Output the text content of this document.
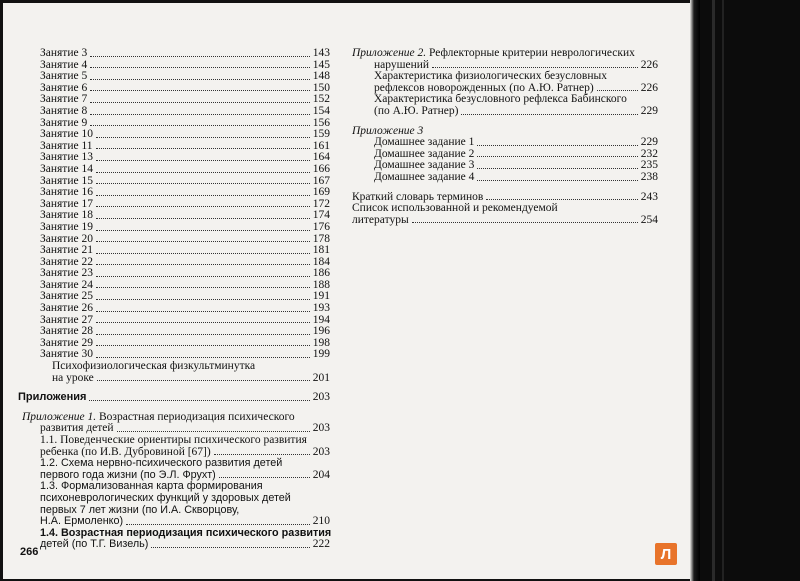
Занятие 3	143
Занятие 4	145
Занятие 5	148
Занятие 6	150
Занятие 7	152
Занятие 8	154
Занятие 9	156
Занятие 10	159
Занятие 11	161
Занятие 13	164
Занятие 14	166
Занятие 15	167
Занятие 16	169
Занятие 17	172
Занятие 18	174
Занятие 19	176
Занятие 20	178
Занятие 21	181
Занятие 22	184
Занятие 23	186
Занятие 24	188
Занятие 25	191
Занятие 26	193
Занятие 27	194
Занятие 28	196
Занятие 29	198
Занятие 30	199
Психофизиологическая физкультминутка
на уроке	201
Приложения	203
Приложение 1. Возрастная периодизация психического
развития детей	203
1.1. Поведенческие ориентиры психического развития
ребенка (по И.В. Дубровиной [67])	203
1.2. Схема нервно-психического развития детей
первого года жизни (по Э.Л. Фрухт)	204
1.3. Формализованная карта формирования
психоневрологических функций у здоровых детей
первых 7 лет жизни (по И.А. Скворцову,
Н.А. Ермоленко)	210
1.4. Возрастная периодизация психического развития
детей (по Т.Г. Визель)	222
266
Приложение 2. Рефлекторные критерии неврологических
нарушений	226
Характеристика физиологических безусловных
рефлексов новорожденных (по А.Ю. Ратнер)	226
Характеристика безусловного рефлекса Бабинского
(по А.Ю. Ратнер)	229
Приложение 3
Домашнее задание 1	229
Домашнее задание 2	232
Домашнее задание 3	235
Домашнее задание 4	238
Краткий словарь терминов	243
Список использованной и рекомендуемой
литературы	254
Л
